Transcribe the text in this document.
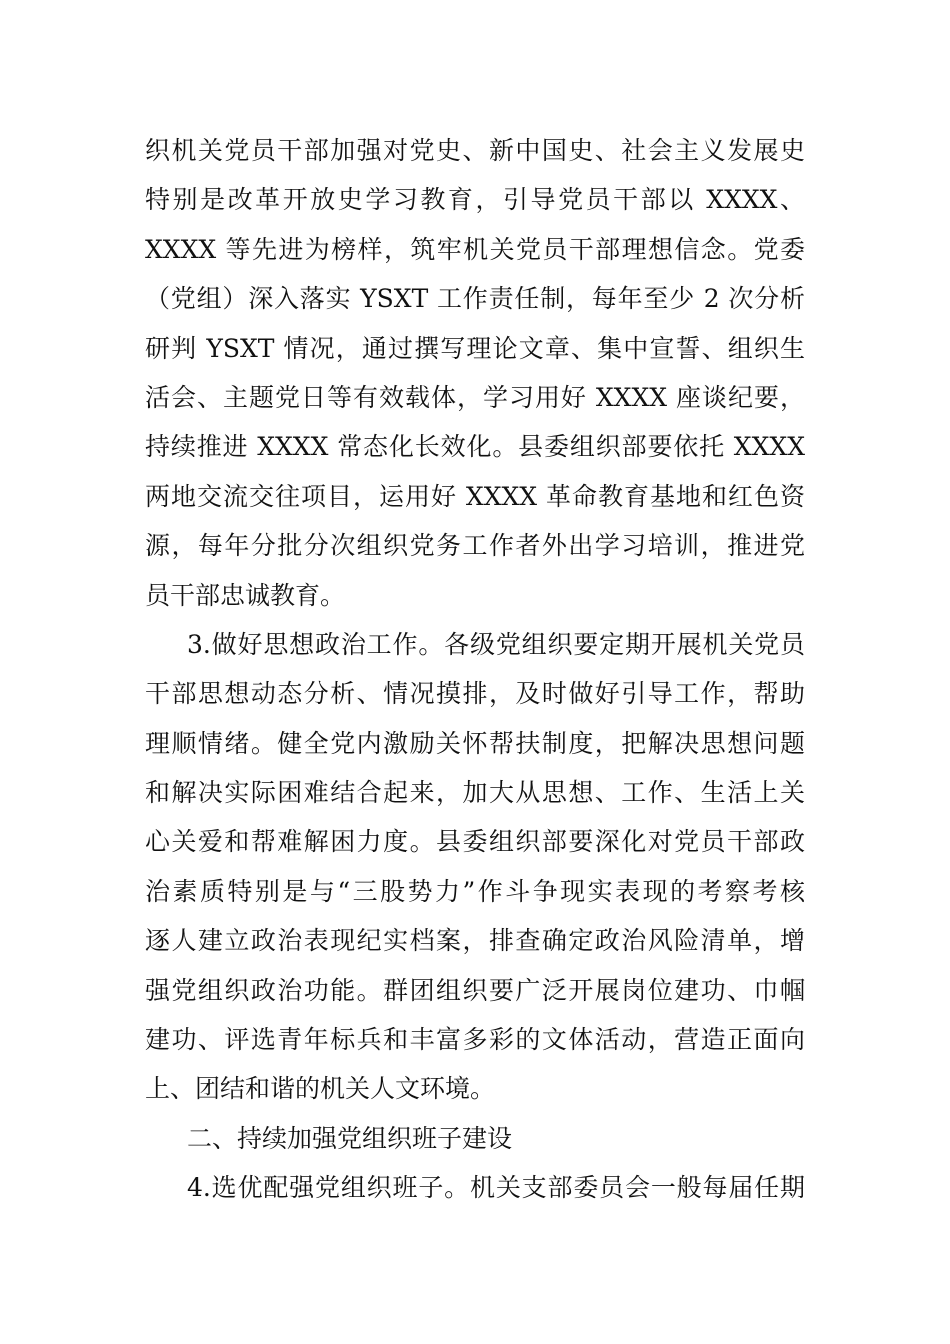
织机关党员干部加强对党史、新中国史、社会主义发展史
特别是改革开放史学习教育，引导党员干部以 XXXX、
XXXX 等先进为榜样，筑牢机关党员干部理想信念。党委
（党组）深入落实 YSXT 工作责任制，每年至少 2 次分析
研判 YSXT 情况，通过撰写理论文章、集中宣誓、组织生
活会、主题党日等有效载体，学习用好 XXXX 座谈纪要，
持续推进 XXXX 常态化长效化。县委组织部要依托 XXXX
两地交流交往项目，运用好 XXXX 革命教育基地和红色资
源，每年分批分次组织党务工作者外出学习培训，推进党
员干部忠诚教育。
3.做好思想政治工作。各级党组织要定期开展机关党员
干部思想动态分析、情况摸排，及时做好引导工作，帮助
理顺情绪。健全党内激励关怀帮扶制度，把解决思想问题
和解决实际困难结合起来，加大从思想、工作、生活上关
心关爱和帮难解困力度。县委组织部要深化对党员干部政
治素质特别是与“三股势力”作斗争现实表现的考察考核
逐人建立政治表现纪实档案，排查确定政治风险清单，增
强党组织政治功能。群团组织要广泛开展岗位建功、巾帼
建功、评选青年标兵和丰富多彩的文体活动，营造正面向
上、团结和谐的机关人文环境。
二、持续加强党组织班子建设
4.选优配强党组织班子。机关支部委员会一般每届任期
